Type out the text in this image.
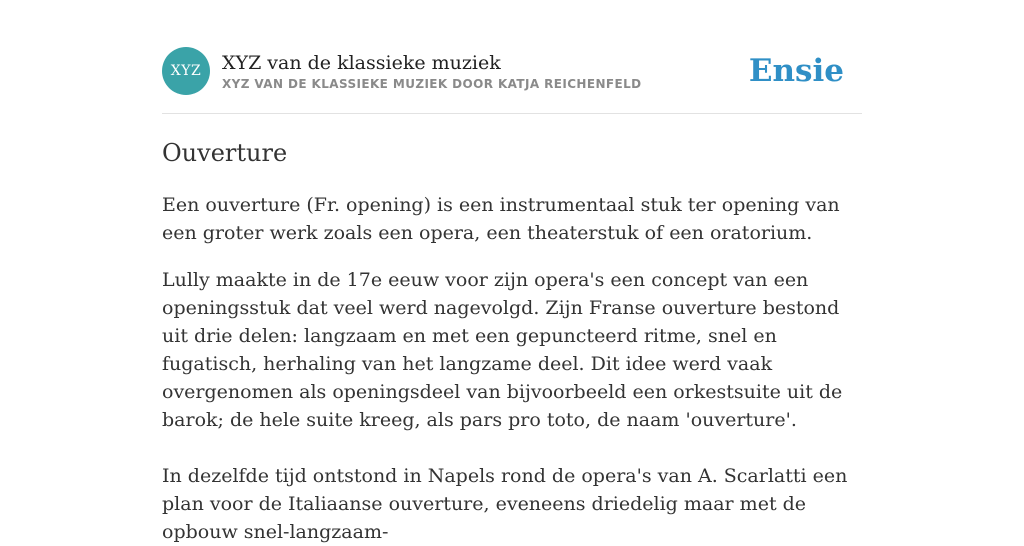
XYZ	XYZ van de klassieke muziek
XYZ VAN DE KLASSIEKE MUZIEK DOOR KATJA REICHENFELD	Ensie
Ouverture

Een ouverture (Fr. opening) is een instrumentaal stuk ter opening van een groter werk zoals een opera, een theaterstuk of een oratorium.

Lully maakte in de 17e eeuw voor zijn opera's een concept van een openingsstuk dat veel werd nagevolgd. Zijn Franse ouverture bestond uit drie delen: langzaam en met een gepuncteerd ritme, snel en fugatisch, herhaling van het langzame deel. Dit idee werd vaak overgenomen als openingsdeel van bijvoorbeeld een orkestsuite uit de barok; de hele suite kreeg, als pars pro toto, de naam 'ouverture'.

In dezelfde tijd ontstond in Napels rond de opera's van A. Scarlatti een plan voor de Italiaanse ouverture, eveneens driedelig maar met de opbouw snel-langzaam-
